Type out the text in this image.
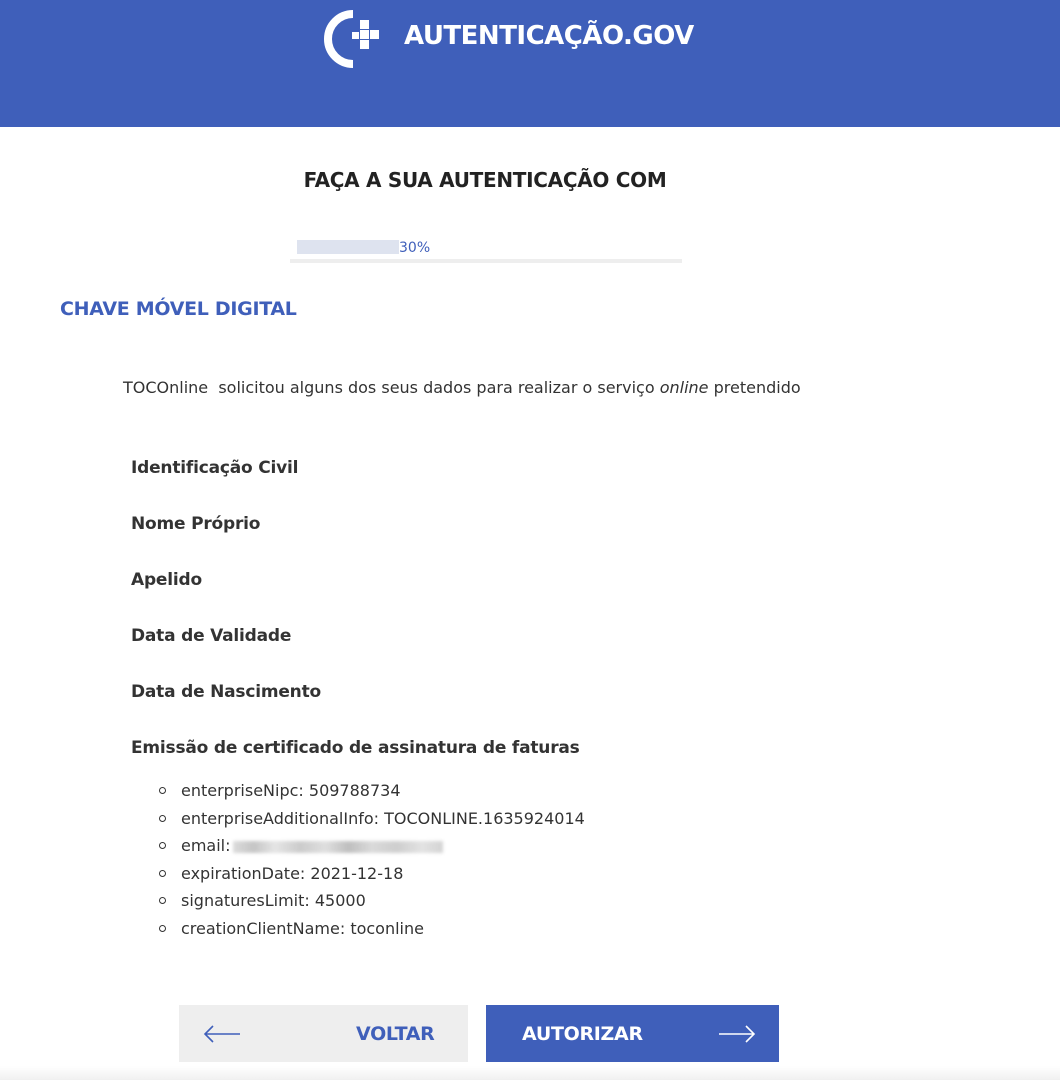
AUTENTICAÇÃO.GOV
FAÇA A SUA AUTENTICAÇÃO COM
30%
CHAVE MÓVEL DIGITAL
TOCOnline solicitou alguns dos seus dados para realizar o serviço online pretendido
Identificação Civil
Nome Próprio
Apelido
Data de Validade
Data de Nascimento
Emissão de certificado de assinatura de faturas
enterpriseNipc: 509788734
enterpriseAdditionalInfo: TOCONLINE.1635924014
email:
expirationDate: 2021-12-18
signaturesLimit: 45000
creationClientName: toconline
VOLTAR	AUTORIZAR
